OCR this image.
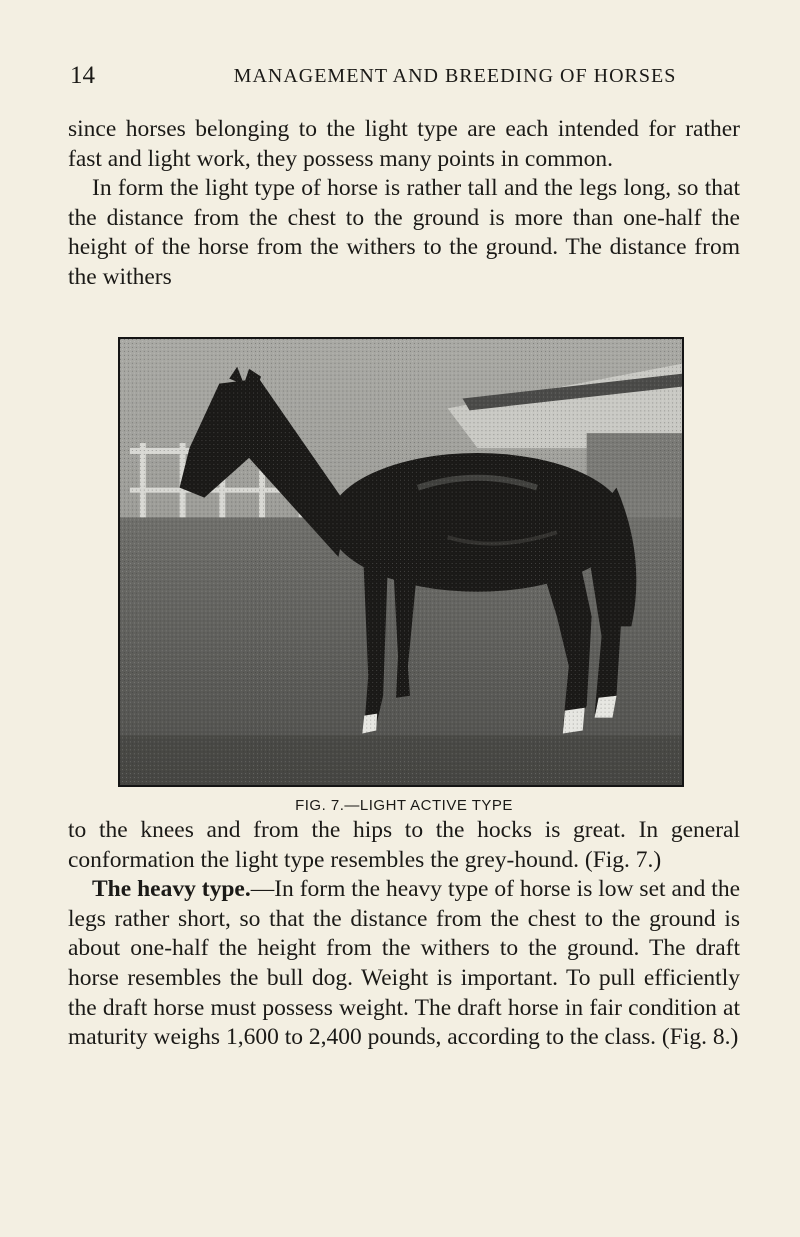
14	MANAGEMENT AND BREEDING OF HORSES

since horses belonging to the light type are each intended for rather fast and light work, they possess many points in common.

In form the light type of horse is rather tall and the legs long, so that the distance from the chest to the ground is more than one-half the height of the horse from the withers to the ground. The distance from the withers

FIG. 7.—LIGHT ACTIVE TYPE

to the knees and from the hips to the hocks is great. In general conformation the light type resembles the grey-hound. (Fig. 7.)

The heavy type.—In form the heavy type of horse is low set and the legs rather short, so that the distance from the chest to the ground is about one-half the height from the withers to the ground. The draft horse resembles the bull dog. Weight is important. To pull efficiently the draft horse must possess weight. The draft horse in fair condition at maturity weighs 1,600 to 2,400 pounds, according to the class. (Fig. 8.)
